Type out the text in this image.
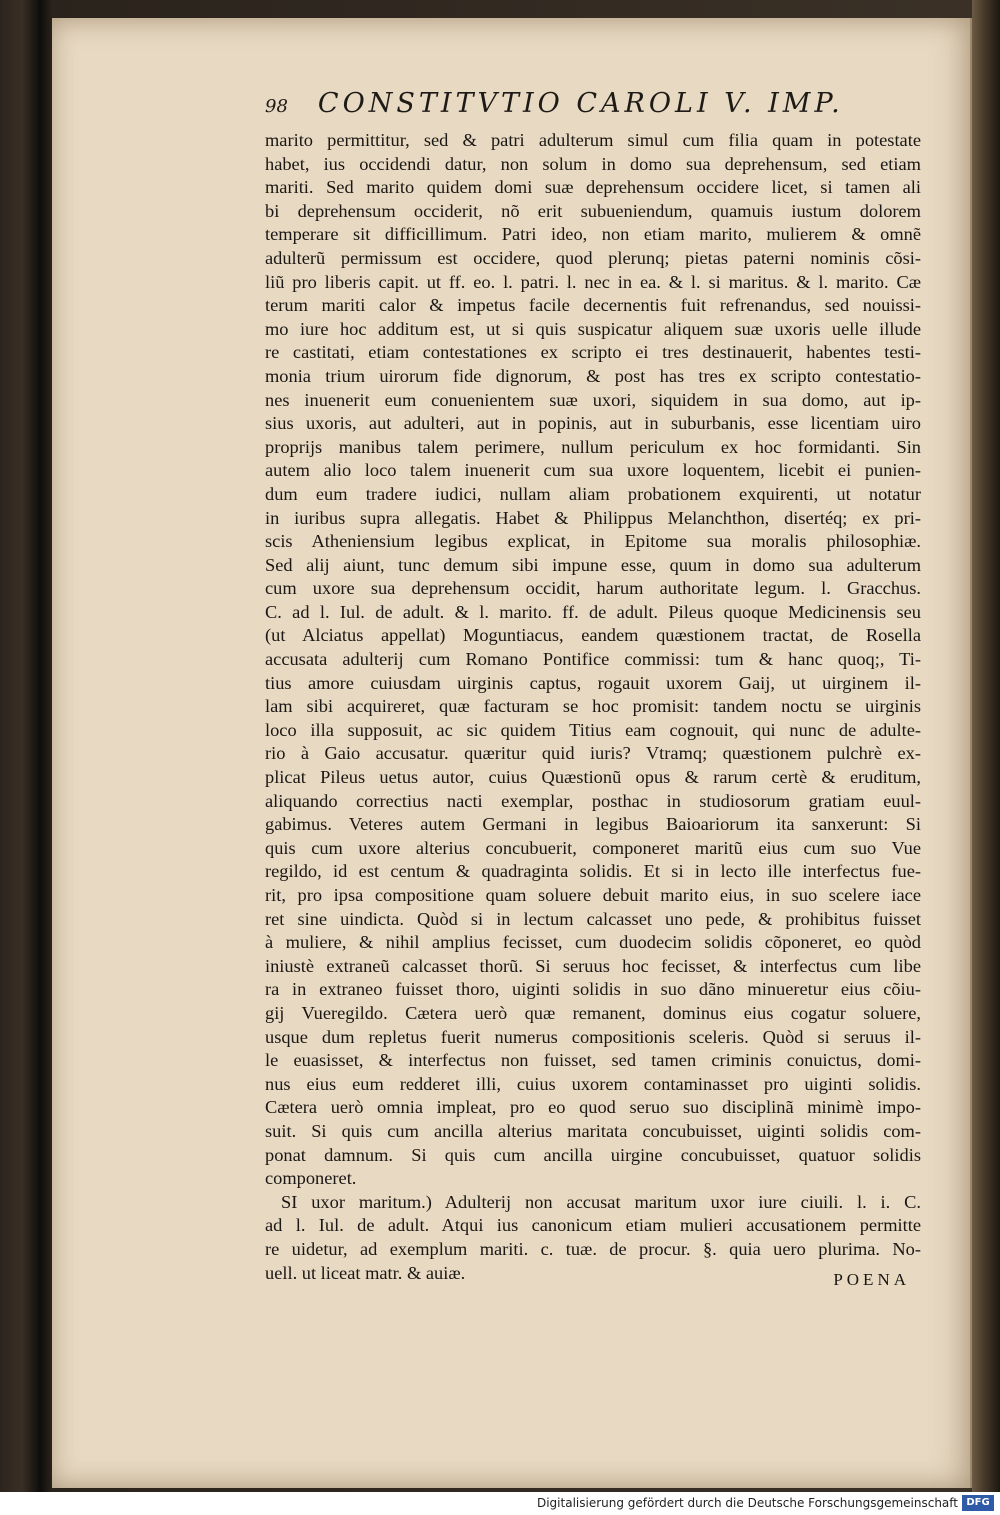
98 CONSTITVTIO CAROLI V. IMP.
marito permittitur, sed & patri adulterum simul cum filia quam in potestate
habet, ius occidendi datur, non solum in domo sua deprehensum, sed etiam
mariti. Sed marito quidem domi suæ deprehensum occidere licet, si tamen ali
bi deprehensum occiderit, nõ erit subueniendum, quamuis iustum dolorem
temperare sit difficillimum. Patri ideo, non etiam marito, mulierem & omnẽ
adulterũ permissum est occidere, quod plerunq; pietas paterni nominis cõsi-
liũ pro liberis capit. ut ff. eo. l. patri. l. nec in ea. & l. si maritus. & l. marito. Cæ
terum mariti calor & impetus facile decernentis fuit refrenandus, sed nouissi-
mo iure hoc additum est, ut si quis suspicatur aliquem suæ uxoris uelle illude
re castitati, etiam contestationes ex scripto ei tres destinauerit, habentes testi-
monia trium uirorum fide dignorum, & post has tres ex scripto contestatio-
nes inuenerit eum conuenientem suæ uxori, siquidem in sua domo, aut ip-
sius uxoris, aut adulteri, aut in popinis, aut in suburbanis, esse licentiam uiro
proprijs manibus talem perimere, nullum periculum ex hoc formidanti. Sin
autem alio loco talem inuenerit cum sua uxore loquentem, licebit ei punien-
dum eum tradere iudici, nullam aliam probationem exquirenti, ut notatur
in iuribus supra allegatis. Habet & Philippus Melanchthon, disertéq; ex pri-
scis Atheniensium legibus explicat, in Epitome sua moralis philosophiæ.
Sed alij aiunt, tunc demum sibi impune esse, quum in domo sua adulterum
cum uxore sua deprehensum occidit, harum authoritate legum. l. Gracchus.
C. ad l. Iul. de adult. & l. marito. ff. de adult. Pileus quoque Medicinensis seu
(ut Alciatus appellat) Moguntiacus, eandem quæstionem tractat, de Rosella
accusata adulterij cum Romano Pontifice commissi: tum & hanc quoq;, Ti-
tius amore cuiusdam uirginis captus, rogauit uxorem Gaij, ut uirginem il-
lam sibi acquireret, quæ facturam se hoc promisit: tandem noctu se uirginis
loco illa supposuit, ac sic quidem Titius eam cognouit, qui nunc de adulte-
rio à Gaio accusatur. quæritur quid iuris? Vtramq; quæstionem pulchrè ex-
plicat Pileus uetus autor, cuius Quæstionũ opus & rarum certè & eruditum,
aliquando correctius nacti exemplar, posthac in studiosorum gratiam euul-
gabimus. Veteres autem Germani in legibus Baioariorum ita sanxerunt: Si
quis cum uxore alterius concubuerit, componeret maritũ eius cum suo Vue
regildo, id est centum & quadraginta solidis. Et si in lecto ille interfectus fue-
rit, pro ipsa compositione quam soluere debuit marito eius, in suo scelere iace
ret sine uindicta. Quòd si in lectum calcasset uno pede, & prohibitus fuisset
à muliere, & nihil amplius fecisset, cum duodecim solidis cõponeret, eo quòd
iniustè extraneũ calcasset thorũ. Si seruus hoc fecisset, & interfectus cum libe
ra in extraneo fuisset thoro, uiginti solidis in suo dãno minueretur eius cõiu-
gij Vueregildo. Cætera uerò quæ remanent, dominus eius cogatur soluere,
usque dum repletus fuerit numerus compositionis sceleris. Quòd si seruus il-
le euasisset, & interfectus non fuisset, sed tamen criminis conuictus, domi-
nus eius eum redderet illi, cuius uxorem contaminasset pro uiginti solidis.
Cætera uerò omnia impleat, pro eo quod seruo suo disciplinã minimè impo-
suit. Si quis cum ancilla alterius maritata concubuisset, uiginti solidis com-
ponat damnum. Si quis cum ancilla uirgine concubuisset, quatuor solidis
componeret.
SI uxor maritum.) Adulterij non accusat maritum uxor iure ciuili. l. i. C.
ad l. Iul. de adult. Atqui ius canonicum etiam mulieri accusationem permitte
re uidetur, ad exemplum mariti. c. tuæ. de procur. §. quia uero plurima. No-
uell. ut liceat matr. & auiæ.	POENA
Digitalisierung gefördert durch die Deutsche Forschungsgemeinschaft DFG
